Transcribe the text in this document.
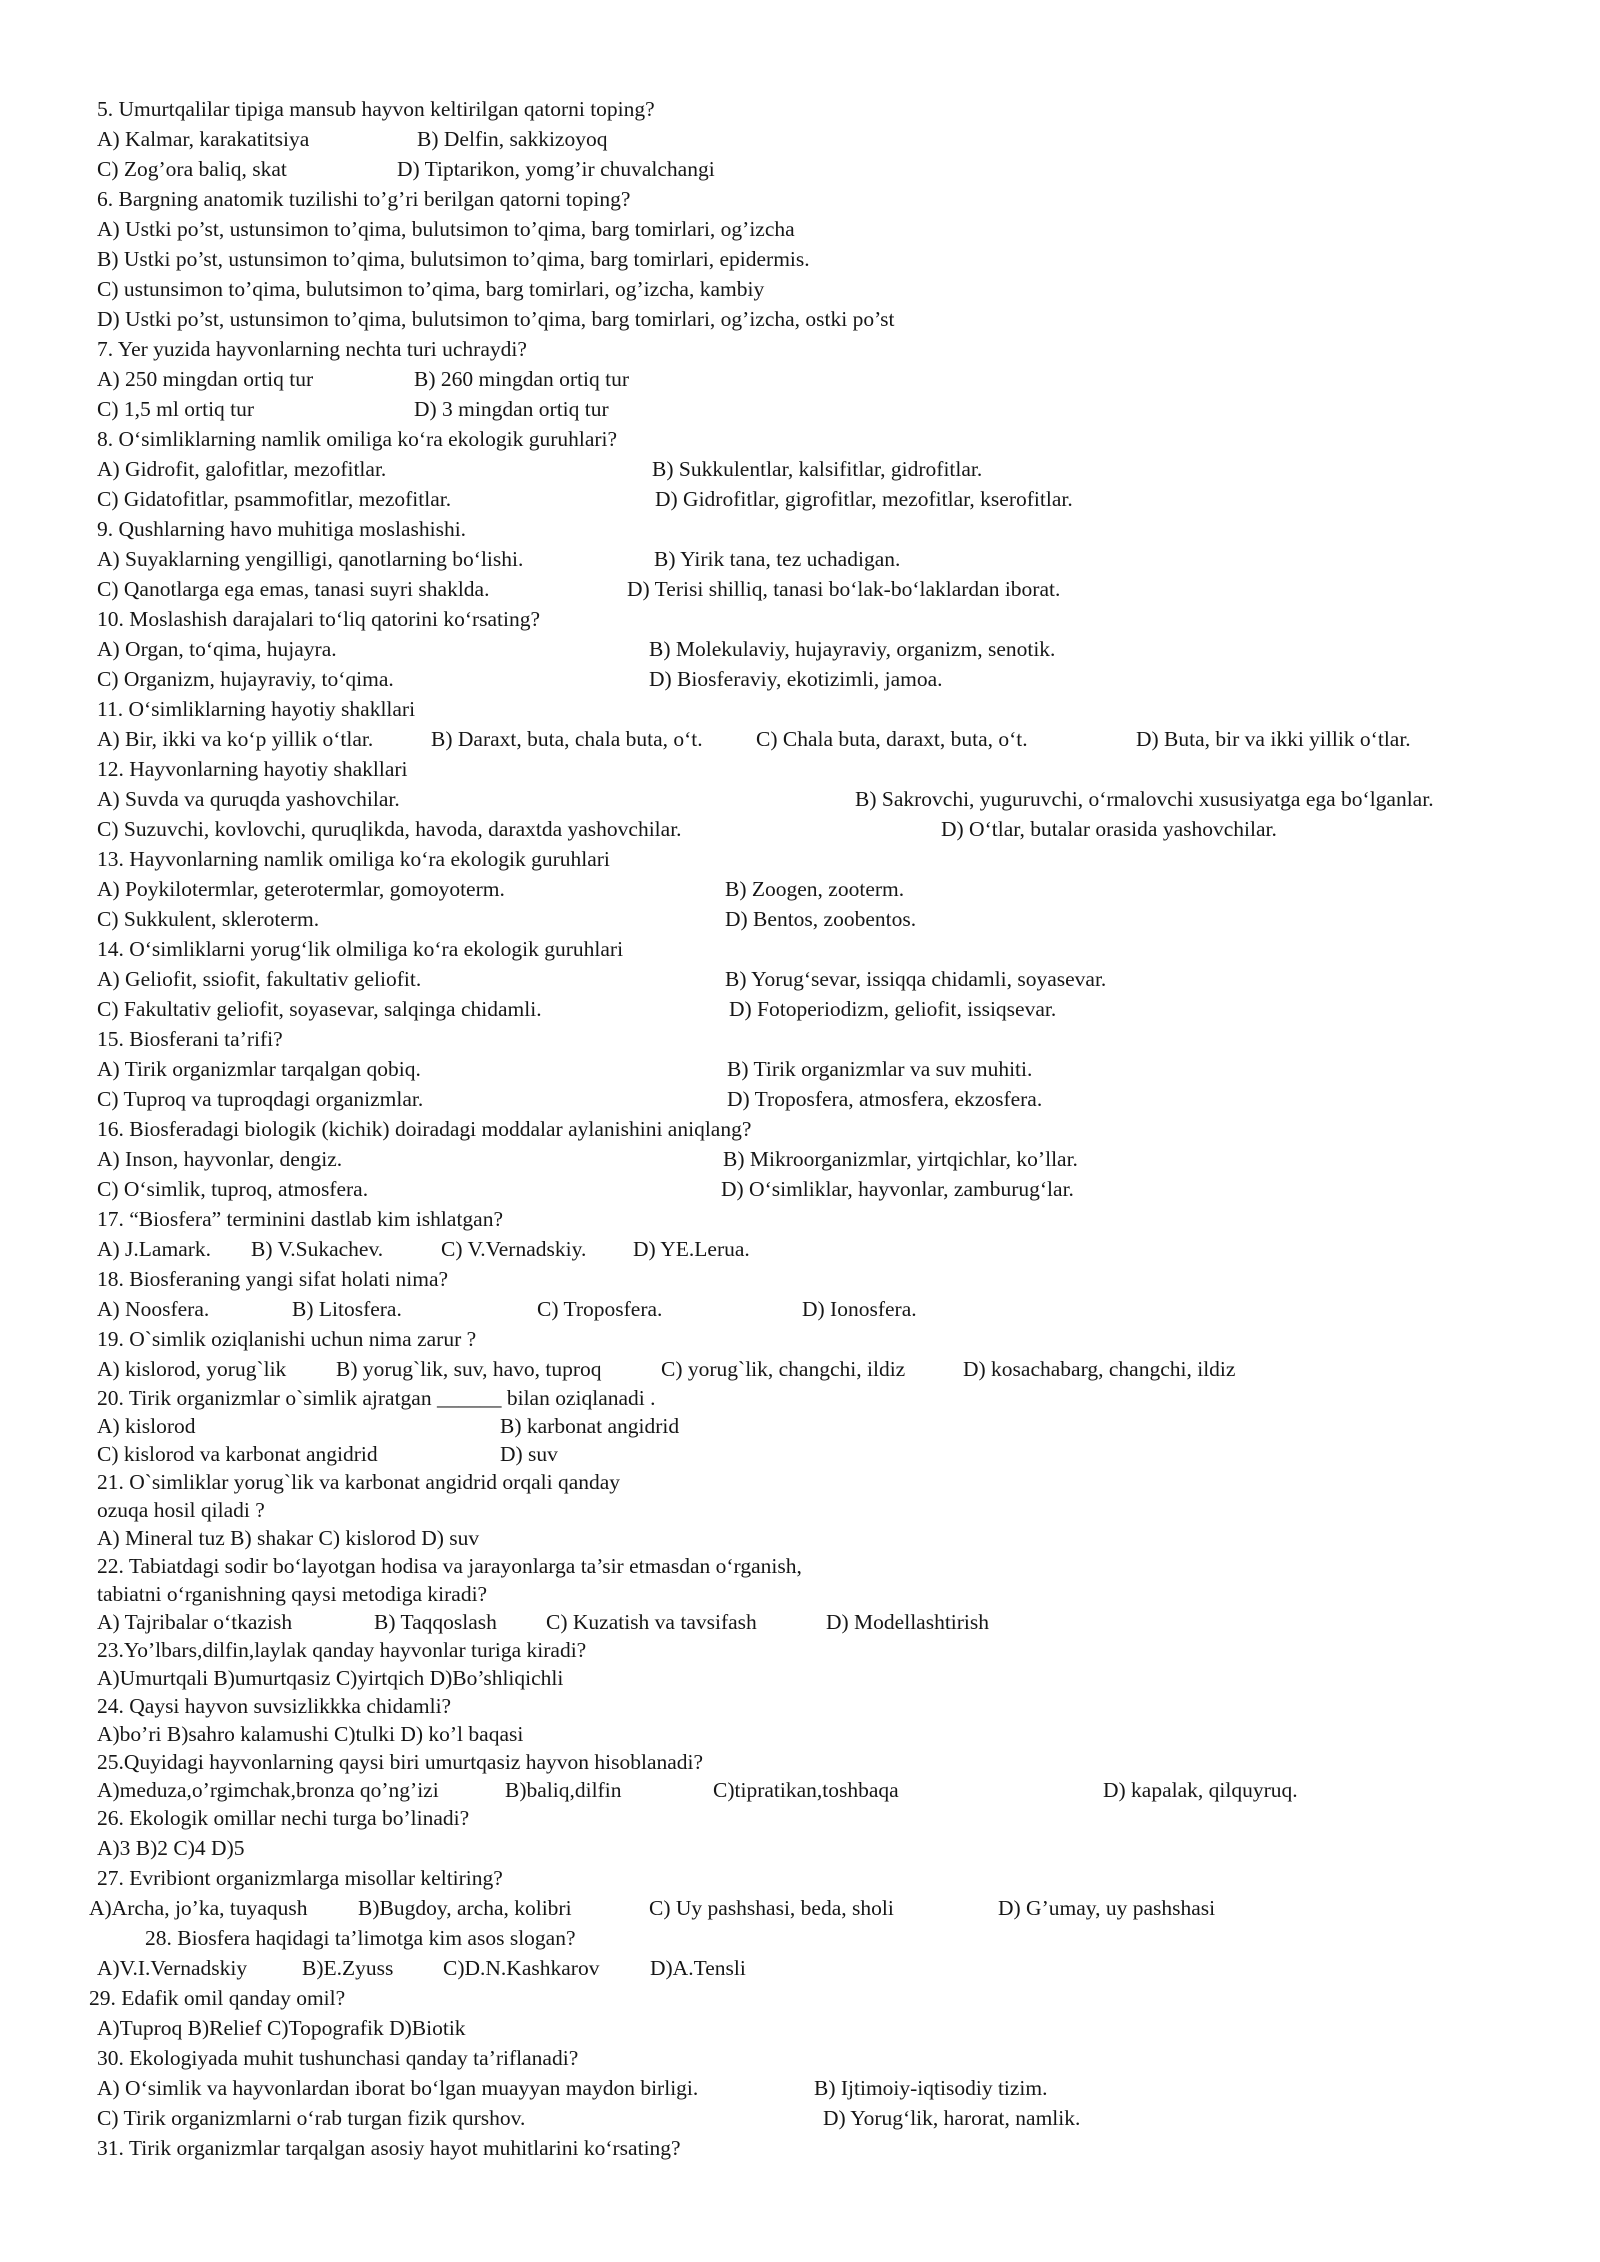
5. Umurtqalilar tipiga mansub hayvon keltirilgan qatorni toping?
A) Kalmar, karakatitsiya	B) Delfin, sakkizoyoq
C) Zog’ora baliq, skat	D) Tiptarikon, yomg’ir chuvalchangi
6. Bargning anatomik tuzilishi to’g’ri berilgan qatorni toping?
A) Ustki po’st, ustunsimon to’qima, bulutsimon to’qima, barg tomirlari, og’izcha
B) Ustki po’st, ustunsimon to’qima, bulutsimon to’qima, barg tomirlari, epidermis.
C) ustunsimon to’qima, bulutsimon to’qima, barg tomirlari, og’izcha, kambiy
D) Ustki po’st, ustunsimon to’qima, bulutsimon to’qima, barg tomirlari, og’izcha, ostki po’st
7. Yer yuzida hayvonlarning nechta turi uchraydi?
A) 250 mingdan ortiq tur	B) 260 mingdan ortiq tur
C) 1,5 ml ortiq tur	D) 3 mingdan ortiq tur
8. O‘simliklarning namlik omiliga ko‘ra ekologik guruhlari?
A) Gidrofit, galofitlar, mezofitlar.	B) Sukkulentlar, kalsifitlar, gidrofitlar.
C) Gidatofitlar, psammofitlar, mezofitlar.	D) Gidrofitlar, gigrofitlar, mezofitlar, kserofitlar.
9. Qushlarning havo muhitiga moslashishi.
A) Suyaklarning yengilligi, qanotlarning bo‘lishi.	B) Yirik tana, tez uchadigan.
C) Qanotlarga ega emas, tanasi suyri shaklda.	D) Terisi shilliq, tanasi bo‘lak-bo‘laklardan iborat.
10. Moslashish darajalari to‘liq qatorini ko‘rsating?
A) Organ, to‘qima, hujayra.	B) Molekulaviy, hujayraviy, organizm, senotik.
C) Organizm, hujayraviy, to‘qima.	D) Biosferaviy, ekotizimli, jamoa.
11. O‘simliklarning hayotiy shakllari
A) Bir, ikki va ko‘p yillik o‘tlar.	B) Daraxt, buta, chala buta, o‘t. C) Chala buta, daraxt, buta, o‘t.	D) Buta, bir va ikki yillik o‘tlar.
12. Hayvonlarning hayotiy shakllari
A) Suvda va quruqda yashovchilar.	B) Sakrovchi, yuguruvchi, o‘rmalovchi xususiyatga ega bo‘lganlar.
C) Suzuvchi, kovlovchi, quruqlikda, havoda, daraxtda yashovchilar.	D) O‘tlar, butalar orasida yashovchilar.
13. Hayvonlarning namlik omiliga ko‘ra ekologik guruhlari
A) Poykilotermlar, geterotermlar, gomoyoterm.	B) Zoogen, zooterm.
C) Sukkulent, skleroterm.	D) Bentos, zoobentos.
14. O‘simliklarni yorug‘lik olmiliga ko‘ra ekologik guruhlari
A) Geliofit, ssiofit, fakultativ geliofit.	B) Yorug‘sevar, issiqqa chidamli, soyasevar.
C) Fakultativ geliofit, soyasevar, salqinga chidamli.	D) Fotoperiodizm, geliofit, issiqsevar.
15. Biosferani ta’rifi?
A) Tirik organizmlar tarqalgan qobiq.	B) Tirik organizmlar va suv muhiti.
C) Tuproq va tuproqdagi organizmlar.	D) Troposfera, atmosfera, ekzosfera.
16. Biosferadagi biologik (kichik) doiradagi moddalar aylanishini aniqlang?
A) Inson, hayvonlar, dengiz.	B) Mikroorganizmlar, yirtqichlar, ko’llar.
C) O‘simlik, tuproq, atmosfera.	D) O‘simliklar, hayvonlar, zamburug‘lar.
17. “Biosfera” terminini dastlab kim ishlatgan?
A) J.Lamark. B) V.Sukachev.	C) V.Vernadskiy. D) YE.Lerua.
18. Biosferaning yangi sifat holati nima?
A) Noosfera.	B) Litosfera.	C) Troposfera.	D) Ionosfera.
19. O`simlik oziqlanishi uchun nima zarur ?
A) kislorod, yorug`lik B) yorug`lik, suv, havo, tuproq	C) yorug`lik, changchi, ildiz	D) kosachabarg, changchi, ildiz
20. Tirik organizmlar o`simlik ajratgan ______ bilan oziqlanadi .
A) kislorod	B) karbonat angidrid
C) kislorod va karbonat angidrid	D) suv
21. O`simliklar yorug`lik va karbonat angidrid orqali qanday
ozuqa hosil qiladi ?
A) Mineral tuz B) shakar C) kislorod D) suv
22. Tabiatdagi sodir bo‘layotgan hodisa va jarayonlarga ta’sir etmasdan o‘rganish,
tabiatni o‘rganishning qaysi metodiga kiradi?
A) Tajribalar o‘tkazish	B) Taqqoslash C) Kuzatish va tavsifash	D) Modellashtirish
23.Yo’lbars,dilfin,laylak qanday hayvonlar turiga kiradi?
A)Umurtqali B)umurtqasiz C)yirtqich D)Bo’shliqichli
24. Qaysi hayvon suvsizlikkka chidamli?
A)bo’ri B)sahro kalamushi C)tulki D) ko’l baqasi
25.Quyidagi hayvonlarning qaysi biri umurtqasiz hayvon hisoblanadi?
A)meduza,o’rgimchak,bronza qo’ng’izi	B)baliq,dilfin	C)tipratikan,toshbaqa	D) kapalak, qilquyruq.
26. Ekologik omillar nechi turga bo’linadi?
A)3 B)2 C)4 D)5
27. Evribiont organizmlarga misollar keltiring?
A)Archa, jo’ka, tuyaqush B)Bugdoy, archa, kolibri	C) Uy pashshasi, beda, sholi	D) G’umay, uy pashshasi
28. Biosfera haqidagi ta’limotga kim asos slogan?
A)V.I.Vernadskiy	B)E.Zyuss C)D.N.Kashkarov D)A.Tensli
29. Edafik omil qanday omil?
A)Tuproq B)Relief C)Topografik D)Biotik
30. Ekologiyada muhit tushunchasi qanday ta’riflanadi?
A) O‘simlik va hayvonlardan iborat bo‘lgan muayyan maydon birligi.	B) Ijtimoiy-iqtisodiy tizim.
C) Tirik organizmlarni o‘rab turgan fizik qurshov.	D) Yorug‘lik, harorat, namlik.
31. Tirik organizmlar tarqalgan asosiy hayot muhitlarini ko‘rsating?
